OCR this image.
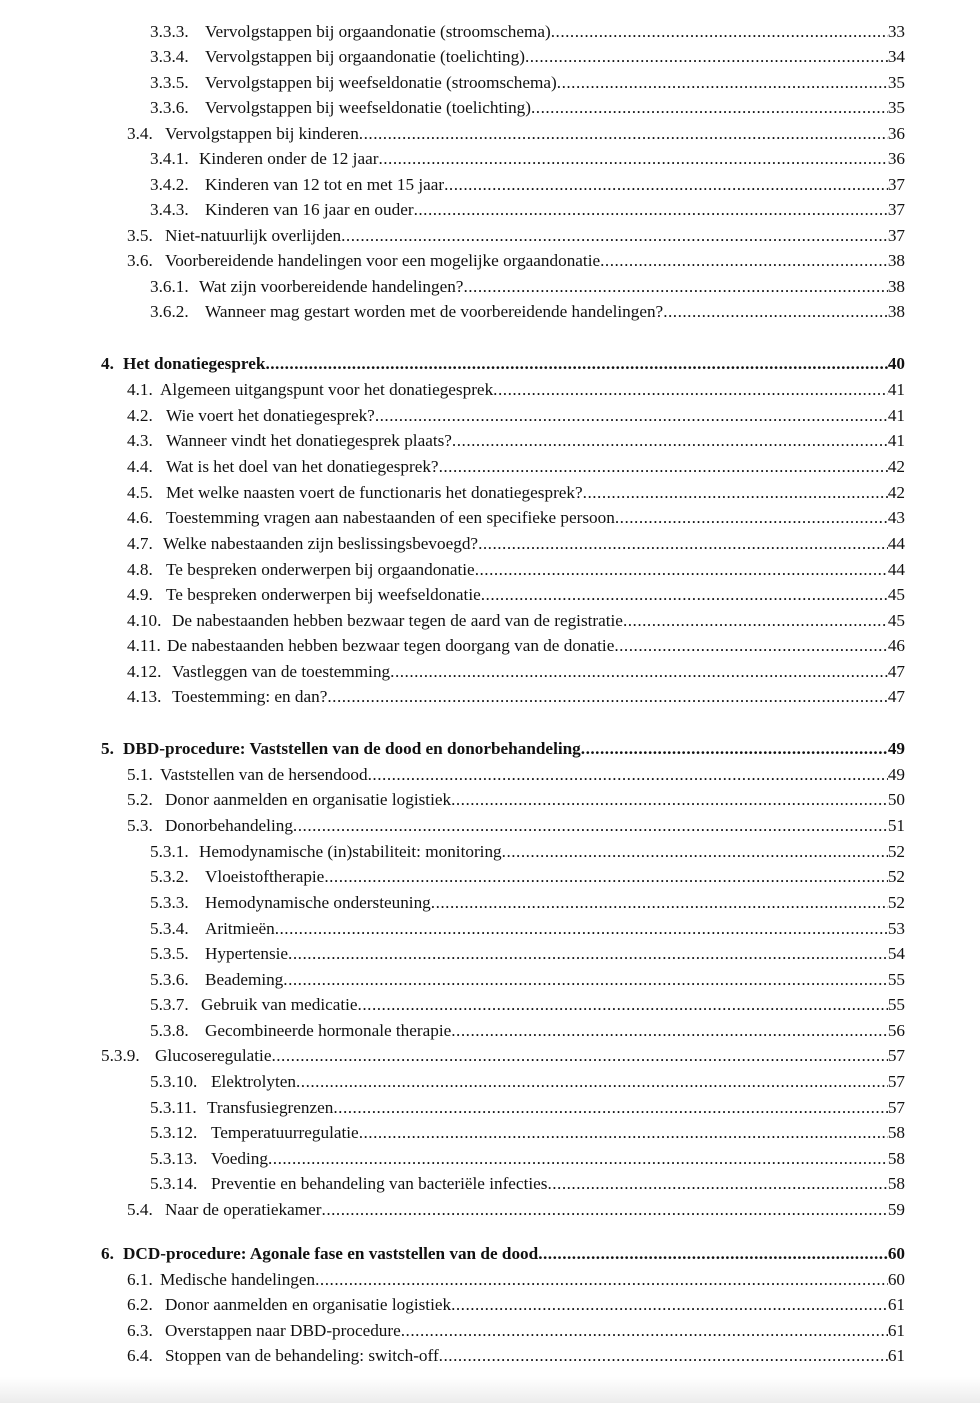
3.3.3. Vervolgstappen bij orgaandonatie (stroomschema) .....	33
3.3.4. Vervolgstappen bij orgaandonatie (toelichting) .....	34
3.3.5. Vervolgstappen bij weefseldonatie (stroomschema) .....	35
3.3.6. Vervolgstappen bij weefseldonatie (toelichting) .....	35
3.4. Vervolgstappen bij kinderen .....	36
3.4.1. Kinderen onder de 12 jaar .....	36
3.4.2. Kinderen van 12 tot en met 15 jaar .....	37
3.4.3. Kinderen van 16 jaar en ouder .....	37
3.5. Niet-natuurlijk overlijden .....	37
3.6. Voorbereidende handelingen voor een mogelijke orgaandonatie .....	38
3.6.1. Wat zijn voorbereidende handelingen? .....	38
3.6.2. Wanneer mag gestart worden met de voorbereidende handelingen? .....	38
4. Het donatiegesprek .....	40
4.1. Algemeen uitgangspunt voor het donatiegesprek .....	41
4.2. Wie voert het donatiegesprek? .....	41
4.3. Wanneer vindt het donatiegesprek plaats? .....	41
4.4. Wat is het doel van het donatiegesprek? .....	42
4.5. Met welke naasten voert de functionaris het donatiegesprek? .....	42
4.6. Toestemming vragen aan nabestaanden of een specifieke persoon .....	43
4.7. Welke nabestaanden zijn beslissingsbevoegd? .....	44
4.8. Te bespreken onderwerpen bij orgaandonatie .....	44
4.9. Te bespreken onderwerpen bij weefseldonatie .....	45
4.10. De nabestaanden hebben bezwaar tegen de aard van de registratie .....	45
4.11. De nabestaanden hebben bezwaar tegen doorgang van de donatie .....	46
4.12. Vastleggen van de toestemming .....	47
4.13. Toestemming: en dan? .....	47
5. DBD-procedure: Vaststellen van de dood en donorbehandeling .....	49
5.1. Vaststellen van de hersendood .....	49
5.2. Donor aanmelden en organisatie logistiek .....	50
5.3. Donorbehandeling .....	51
5.3.1. Hemodynamische (in)stabiliteit: monitoring .....	52
5.3.2. Vloeistoftherapie .....	52
5.3.3. Hemodynamische ondersteuning .....	52
5.3.4. Aritmieën .....	53
5.3.5. Hypertensie .....	54
5.3.6. Beademing .....	55
5.3.7. Gebruik van medicatie .....	55
5.3.8. Gecombineerde hormonale therapie .....	56
5.3.9. Glucoseregulatie .....	57
5.3.10. Elektrolyten .....	57
5.3.11. Transfusiegrenzen .....	57
5.3.12. Temperatuurregulatie .....	58
5.3.13. Voeding .....	58
5.3.14. Preventie en behandeling van bacteriële infecties .....	58
5.4. Naar de operatiekamer .....	59
6. DCD-procedure: Agonale fase en vaststellen van de dood .....	60
6.1. Medische handelingen .....	60
6.2. Donor aanmelden en organisatie logistiek .....	61
6.3. Overstappen naar DBD-procedure .....	61
6.4. Stoppen van de behandeling: switch-off .....	61
